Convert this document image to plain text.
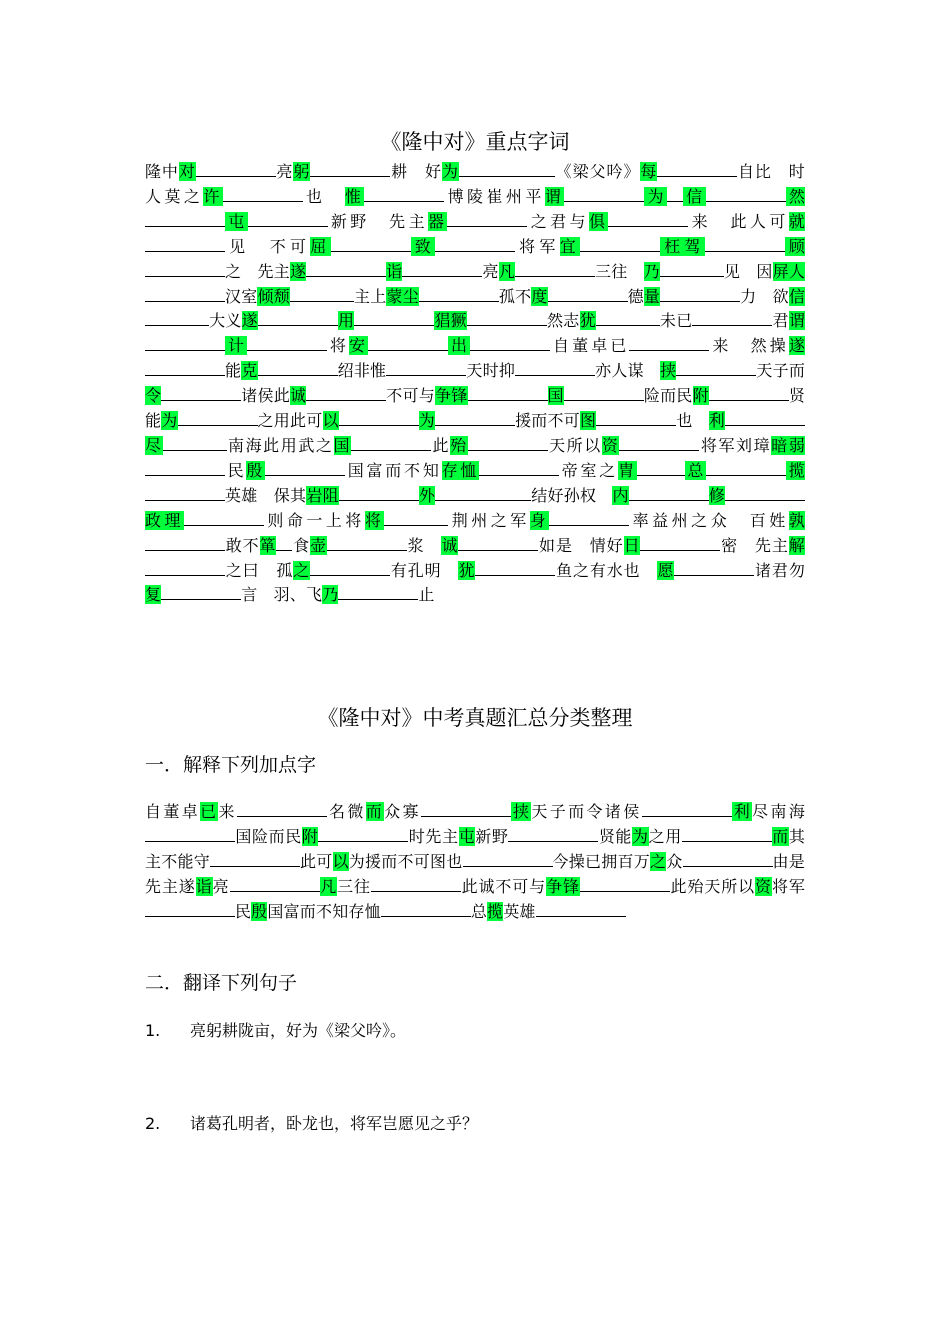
《隆中对》重点字词
隆中对	亮躬	耕　好为	《梁父吟》每	自比　时人莫之许	也　惟	博陵崔州平谓	为 信	然屯	新野　先主器	之君与俱	来　此人可就见　不可屈	致	将军宜	枉驾	顾之　先主遂	诣	亮凡	三往　乃	见　因屏人汉室倾颓	主上蒙尘	孤不度	德量	力　欲信大义遂	用	猖獗	然志犹	未已	君谓计	将安	出	自董卓已	来　然操遂能克	绍非惟	天时抑	亦人谋　挟	天子而令	诸侯此诚	不可与争锋	国	险而民附	贤能为	之用此可以	为	援而不可图	也　利尽	南海此用武之国	此殆	天所以资	将军刘璋暗弱民殷	国富而不知存恤	帝室之胄	总	揽英雄　保其岩阻	外	结好孙权　内	修政理	则命一上将将	荆州之军身	率益州之众　百姓孰敢不箪 食壶	浆　诚	如是　情好日	密　先主解之曰　孤之	有孔明　犹	鱼之有水也　愿	诸君勿复	言　羽、飞乃	止
《隆中对》中考真题汇总分类整理
一．解释下列加点字
自董卓已来	名微而众寡	挟天子而令诸侯	利尽南海国险而民附	时先主屯新野	贤能为之用	而其主不能守	此可以为援而不可图也	今操已拥百万之众	由是先主遂诣亮	凡三往	此诚不可与争锋	此殆天所以资将军民殷国富而不知存恤	总揽英雄
二．翻译下列句子
1. 亮躬耕陇亩，好为《梁父吟》。
2. 诸葛孔明者，卧龙也，将军岂愿见之乎？
